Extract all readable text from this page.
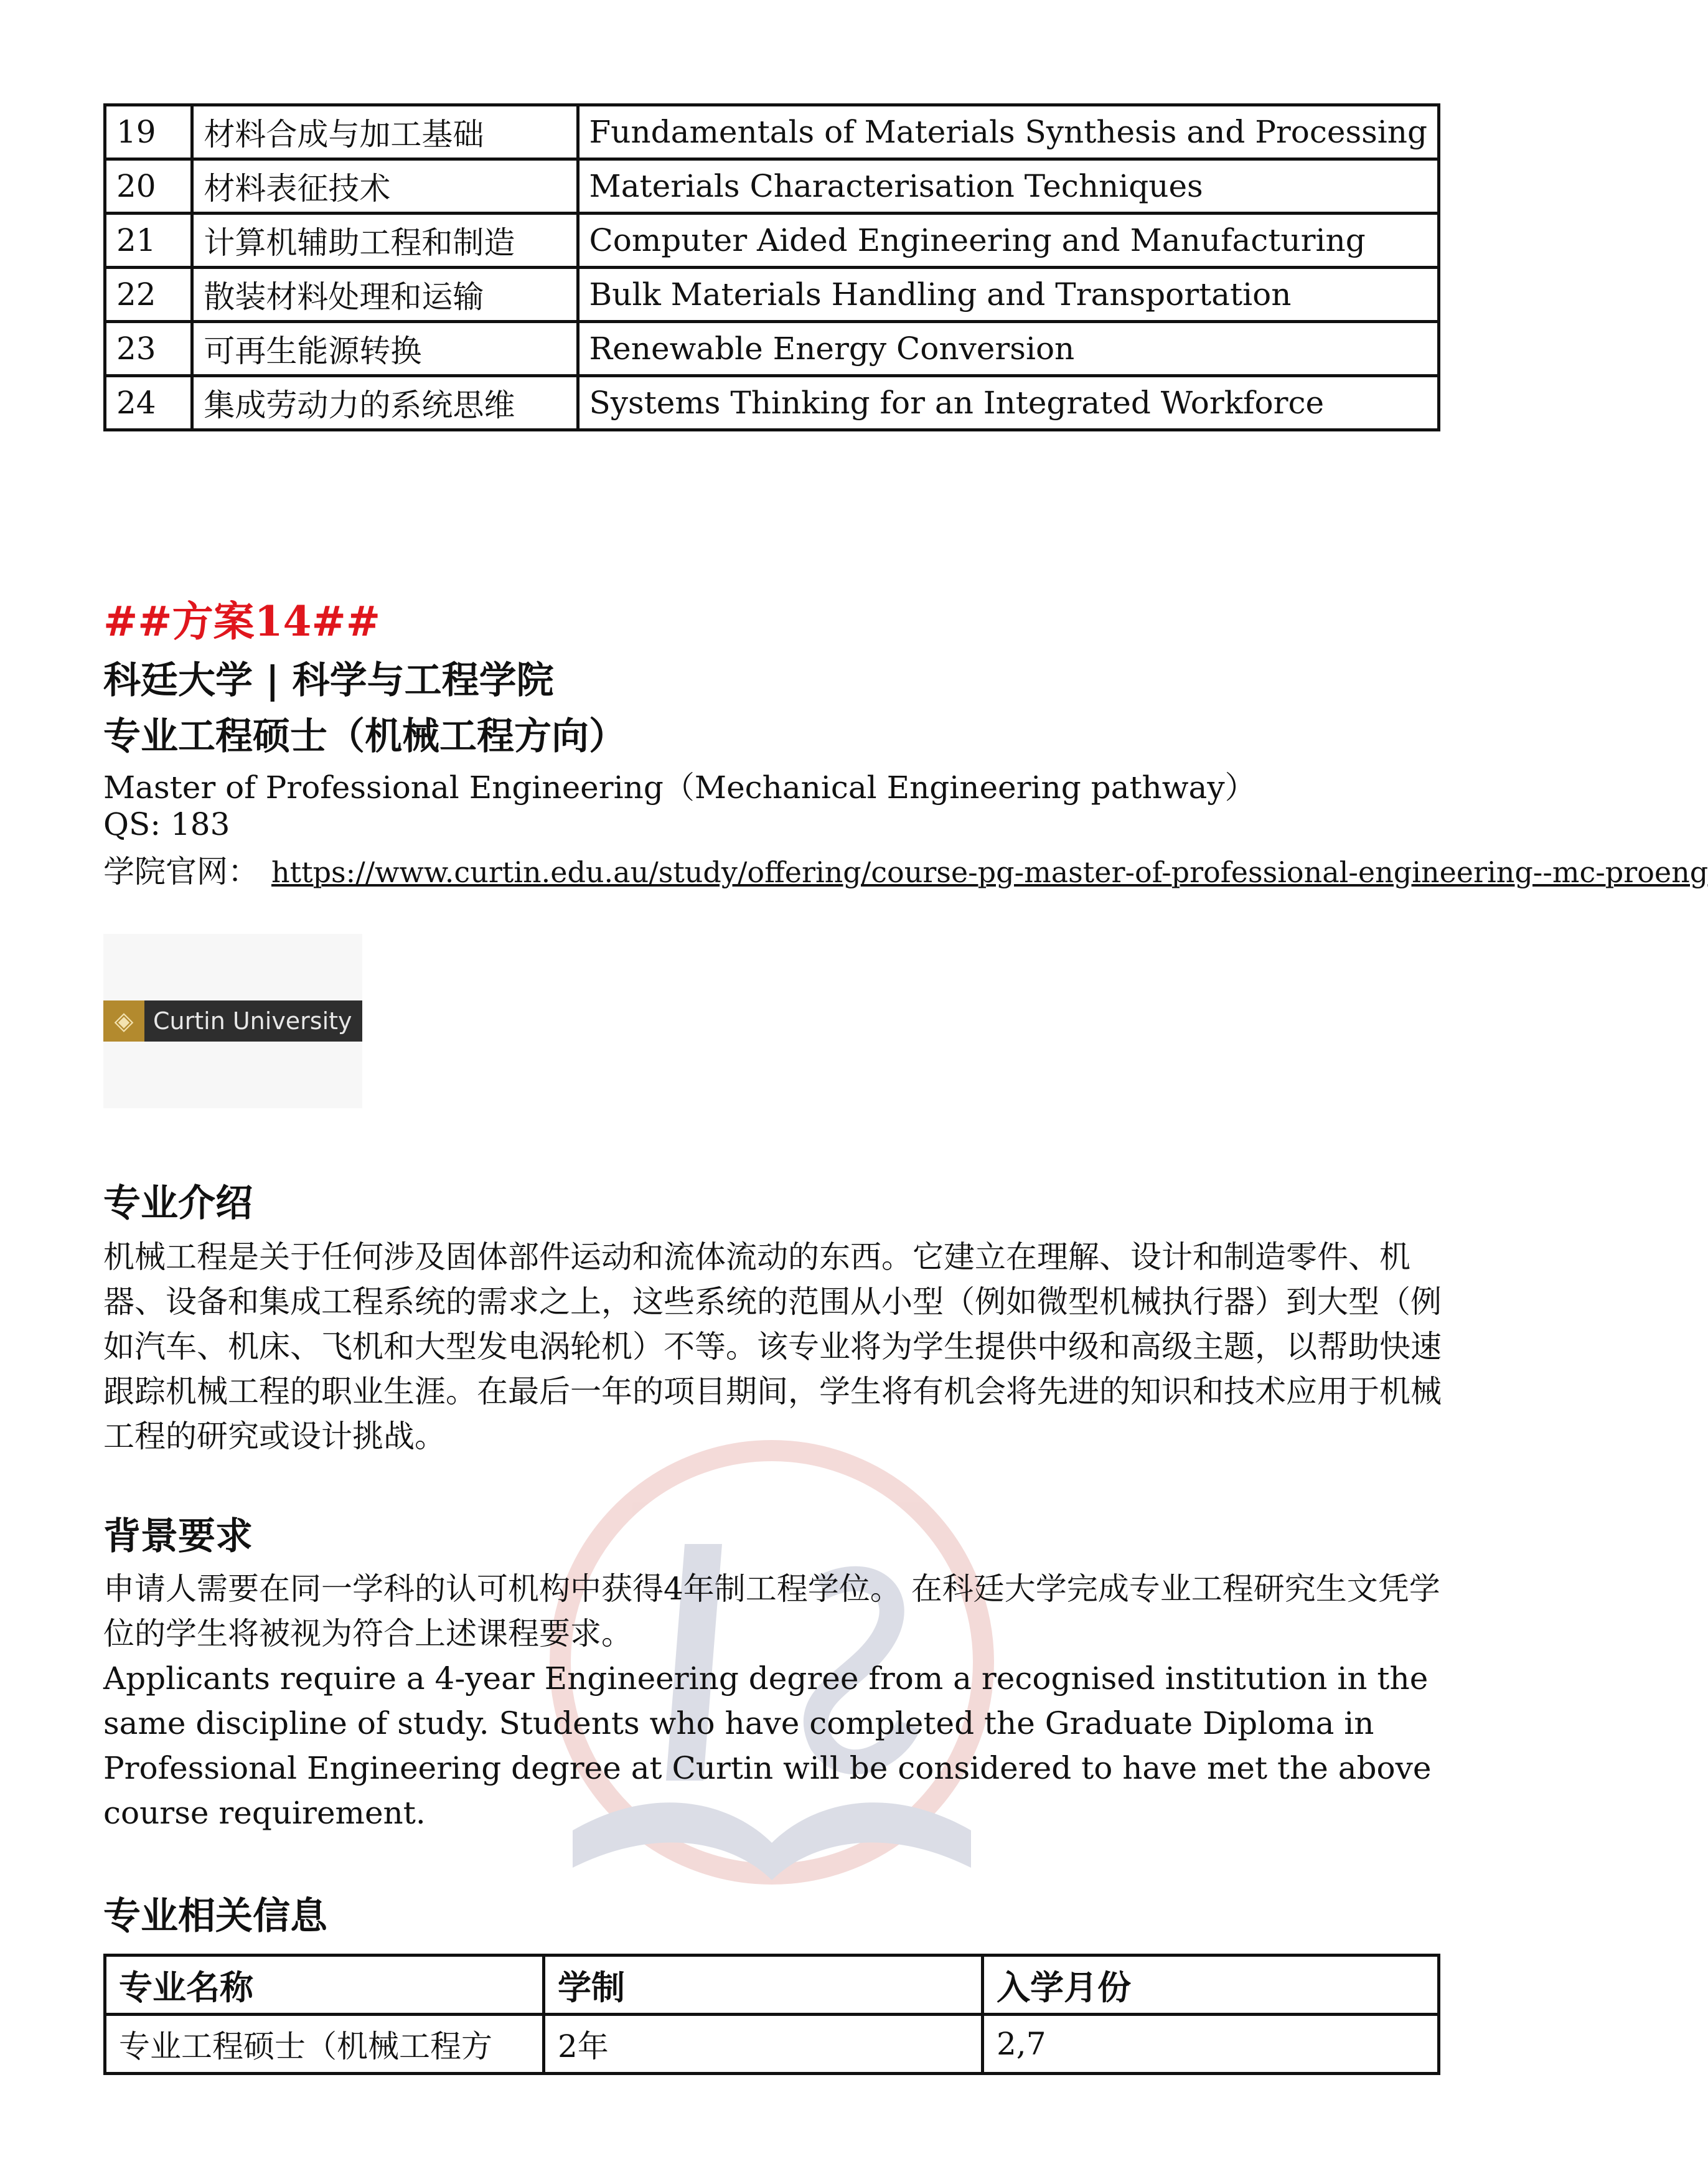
19	材料合成与加工基础	Fundamentals of Materials Synthesis and Processing
20	材料表征技术	Materials Characterisation Techniques
21	计算机辅助工程和制造	Computer Aided Engineering and Manufacturing
22	散装材料处理和运输	Bulk Materials Handling and Transportation
23	可再生能源转换	Renewable Energy Conversion
24	集成劳动力的系统思维	Systems Thinking for an Integrated Workforce
##方案14##
科廷大学 | 科学与工程学院
专业工程硕士（机械工程方向）
Master of Professional Engineering（Mechanical Engineering pathway）
QS: 183
学院官网： https://www.curtin.edu.au/study/offering/course-pg-master-of-professional-engineering--mc-proeng
◈ Curtin University
专业介绍

机械工程是关于任何涉及固体部件运动和流体流动的东西。它建立在理解、设计和制造零件、机器、设备和集成工程系统的需求之上，这些系统的范围从小型（例如微型机械执行器）到大型（例如汽车、机床、飞机和大型发电涡轮机）不等。该专业将为学生提供中级和高级主题，以帮助快速跟踪机械工程的职业生涯。在最后一年的项目期间，学生将有机会将先进的知识和技术应用于机械工程的研究或设计挑战。

背景要求

申请人需要在同一学科的认可机构中获得4年制工程学位。 在科廷大学完成专业工程研究生文凭学位的学生将被视为符合上述课程要求。

Applicants require a 4-year Engineering degree from a recognised institution in the same discipline of study. Students who have completed the Graduate Diploma in Professional Engineering degree at Curtin will be considered to have met the above course requirement.

专业相关信息
专业名称	学制	入学月份
专业工程硕士（机械工程方	2年	2,7
